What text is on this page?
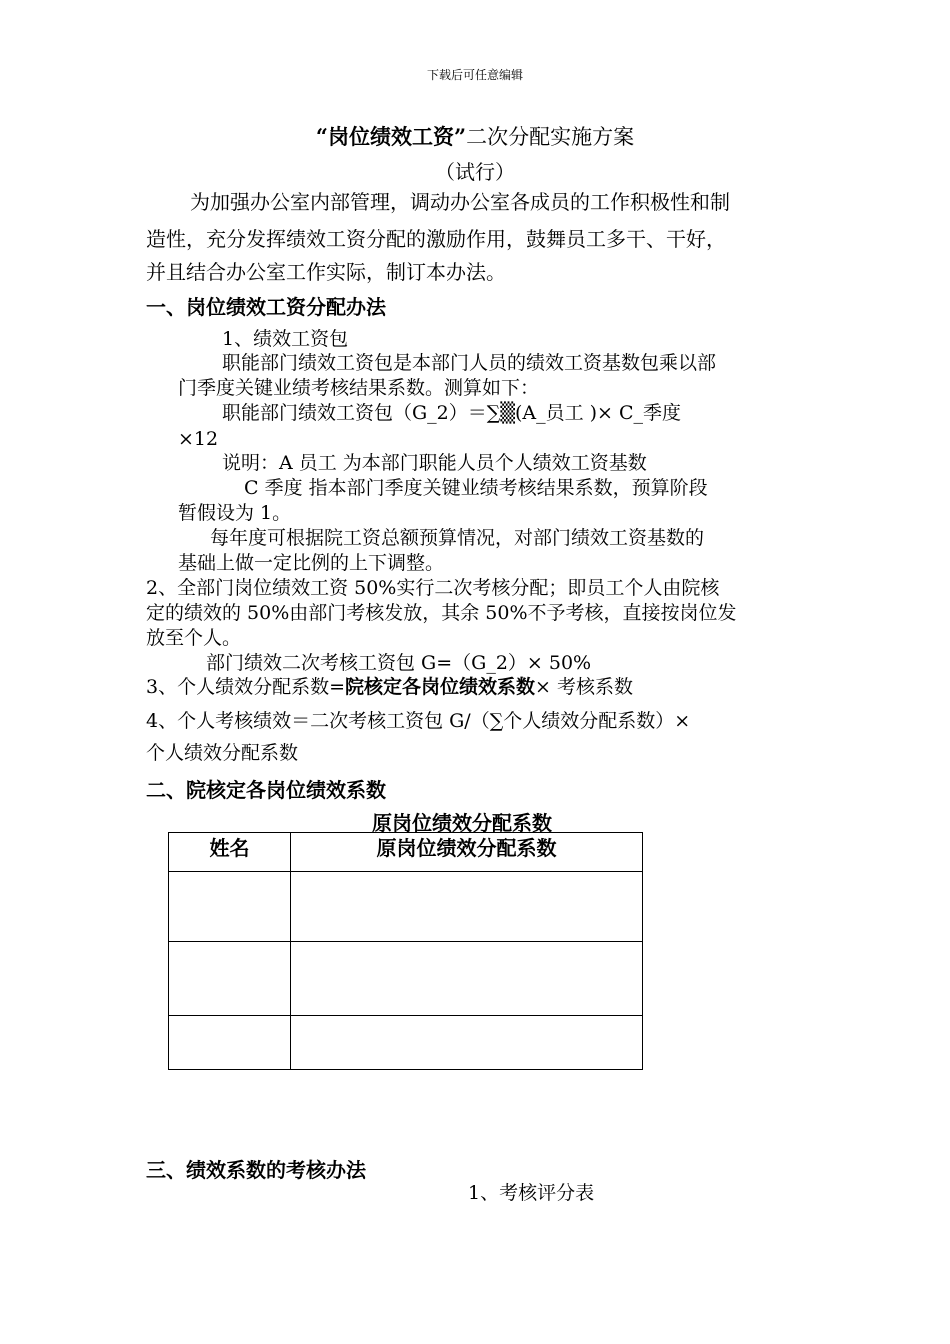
下载后可任意编辑
“岗位绩效工资”二次分配实施方案
（试行）
为加强办公室内部管理，调动办公室各成员的工作积极性和制
造性，充分发挥绩效工资分配的激励作用，鼓舞员工多干、干好，
并且结合办公室工作实际，制订本办法。
一、岗位绩效工资分配办法
1、绩效工资包
职能部门绩效工资包是本部门人员的绩效工资基数包乘以部
门季度关键业绩考核结果系数。测算如下：
职能部门绩效工资包（G_2）＝∑▒(A_员工 )× C_季度
×12
说明：A 员工 为本部门职能人员个人绩效工资基数
C 季度 指本部门季度关键业绩考核结果系数，预算阶段
暂假设为 1。
每年度可根据院工资总额预算情况，对部门绩效工资基数的
基础上做一定比例的上下调整。
2、全部门岗位绩效工资 50%实行二次考核分配；即员工个人由院核
定的绩效的 50%由部门考核发放，其余 50%不予考核，直接按岗位发
放至个人。
部门绩效二次考核工资包 G=（G_2）× 50%
3、个人绩效分配系数=院核定各岗位绩效系数× 考核系数
4、个人考核绩效＝二次考核工资包 G/（∑个人绩效分配系数）×
个人绩效分配系数
二、院核定各岗位绩效系数
原岗位绩效分配系数
姓名	原岗位绩效分配系数

三、绩效系数的考核办法
1、考核评分表
